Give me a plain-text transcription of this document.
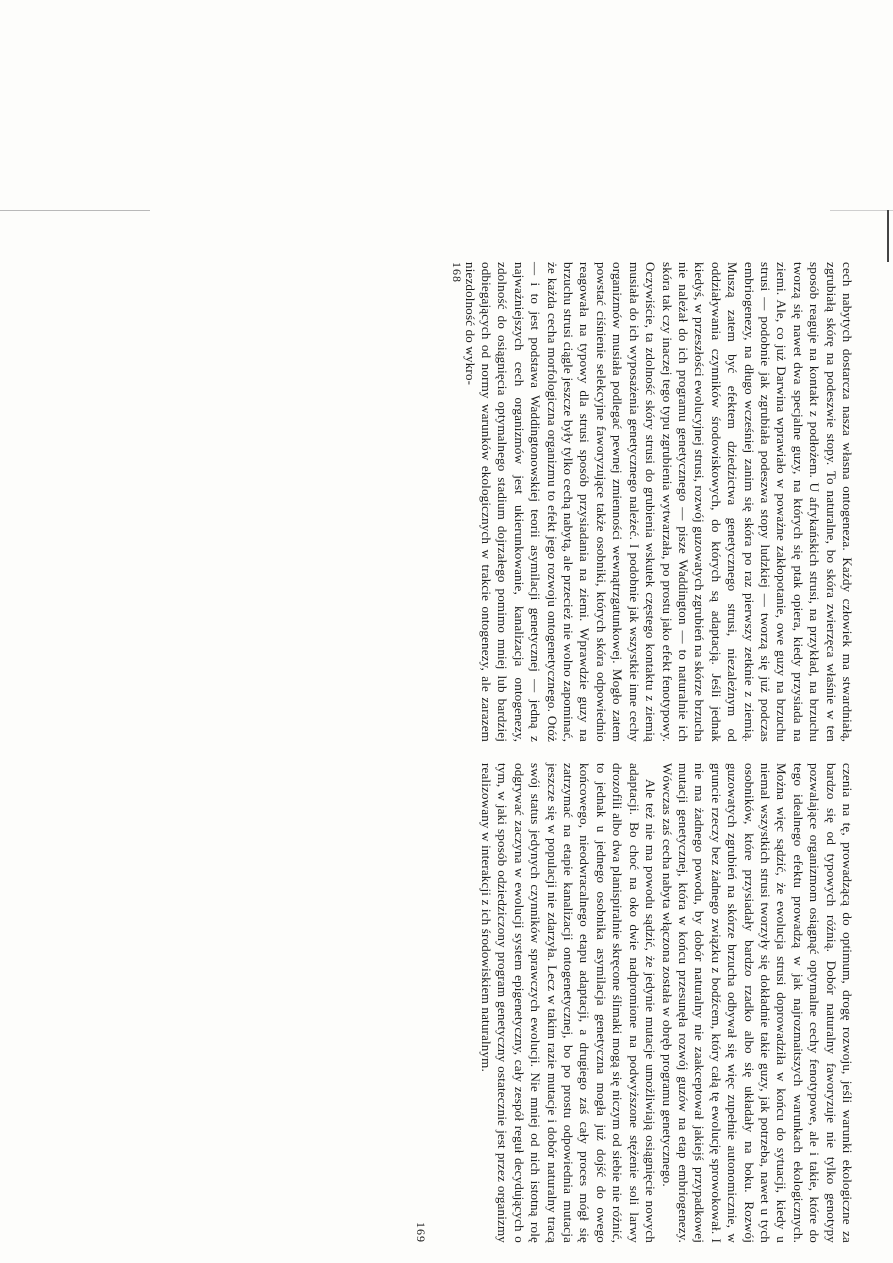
cech nabytych dostarcza nasza własna ontogeneza. Każdy człowiek ma stwardniałą, zgrubiałą skórę na podeszwie stopy. To naturalne, bo skóra zwierzęca właśnie w ten sposób reaguje na kontakt z podłożem. U afrykańskich strusi, na przykład, na brzuchu tworzą się nawet dwa specjalne guzy, na których się ptak opiera, kiedy przysiada na ziemi. Ale, co już Darwina wprawiało w poważne zakłopotanie, owe guzy na brzuchu strusi — podobnie jak zgrubiała podeszwa stopy ludzkiej — tworzą się już podczas embriogenezy, na długo wcześniej zanim się skóra po raz pierwszy zetknie z ziemią. Muszą zatem być efektem dziedzictwa genetycznego strusi, niezależnym od oddziaływania czynników środowiskowych, do których są adaptacją. Jeśli jednak kiedyś, w przeszłości ewolucyjnej strusi, rozwój guzowatych zgrubień na skórze brzucha nie należał do ich programu genetycznego — pisze Waddington — to naturalnie ich skóra tak czy inaczej tego typu zgrubienia wytwarzała, po prostu jako efekt fenotypowy. Oczywiście, ta zdolność skóry strusi do grubienia wskutek częstego kontaktu z ziemią musiała do ich wyposażenia genetycznego należeć. I podobnie jak wszystkie inne cechy organizmów musiała podlegać pewnej zmienności wewnątrzgatunkowej. Mogło zatem powstać ciśnienie selekcyjne faworyzujące także osobniki, których skóra odpowiednio reagowała na typowy dla strusi sposób przysiadania na ziemi. Wprawdzie guzy na brzuchu strusi ciągle jeszcze były tylko cechą nabytą, ale przecież nie wolno zapominać, że każda cecha morfologiczna organizmu to efekt jego rozwoju ontogenetycznego. Otóż — i to jest podstawa Waddingtonowskiej teorii asymilacji genetycznej — jedną z najważniejszych cech organizmów jest ukierunkowanie, kanalizacja ontogenezy, zdolność do osiągnięcia optymalnego stadium dojrzałego pomimo mniej lub bardziej odbiegających od normy warunków ekologicznych w trakcie ontogenezy, ale zarazem niezdolność do wykro-

168

czenia na tę, prowadzącą do optimum, drogę rozwoju, jeśli warunki ekologiczne za bardzo się od typowych różnią. Dobór naturalny faworyzuje nie tylko genotypy pozwalające organizmom osiągnąć optymalne cechy fenotypowe, ale i takie, które do tego idealnego efektu prowadzą w jak najrozmaitszych warunkach ekologicznych. Można więc sądzić, że ewolucja strusi doprowadziła w końcu do sytuacji, kiedy u niemal wszystkich strusi tworzyły się dokładnie takie guzy, jak potrzeba, nawet u tych osobników, które przysiadały bardzo rzadko albo się układały na boku. Rozwój guzowatych zgrubień na skórze brzucha odbywał się więc zupełnie autonomicznie, w gruncie rzeczy bez żadnego związku z bodźcem, który całą tę ewolucję sprowokował. I nie ma żadnego powodu, by dobór naturalny nie zaakceptował jakiejś przypadkowej mutacji genetycznej, która w końcu przesunęła rozwój guzów na etap embriogenezy. Wówczas zaś cecha nabyta włączona została w obręb programu genetycznego.

Ale też nie ma powodu sądzić, że jedynie mutacje umożliwiają osiągnięcie nowych adaptacji. Bo choć na oko dwie nadpromione na podwyższone stężenie soli larwy drozofili albo dwa planispiralnie skręcone ślimaki mogą się niczym od siebie nie różnić, to jednak u jednego osobnika asymilacja genetyczna mogła już dojść do owego końcowego, nieodwracalnego etapu adaptacji, a drugiego zaś cały proces mógł się zatrzymać na etapie kanalizacji ontogenetycznej, bo po prostu odpowiednia mutacja jeszcze się w populacji nie zdarzyła. Lecz w takim razie mutacje i dobór naturalny tracą swój status jedynych czynników sprawczych ewolucji. Nie mniej od nich istotną rolę odgrywać zaczyna w ewolucji system epigenetyczny, cały zespół reguł decydujących o tym, w jaki sposób odziedziczony program genetyczny ostatecznie jest przez organizmy realizowany w interakcji z ich środowiskiem naturalnym.

169
